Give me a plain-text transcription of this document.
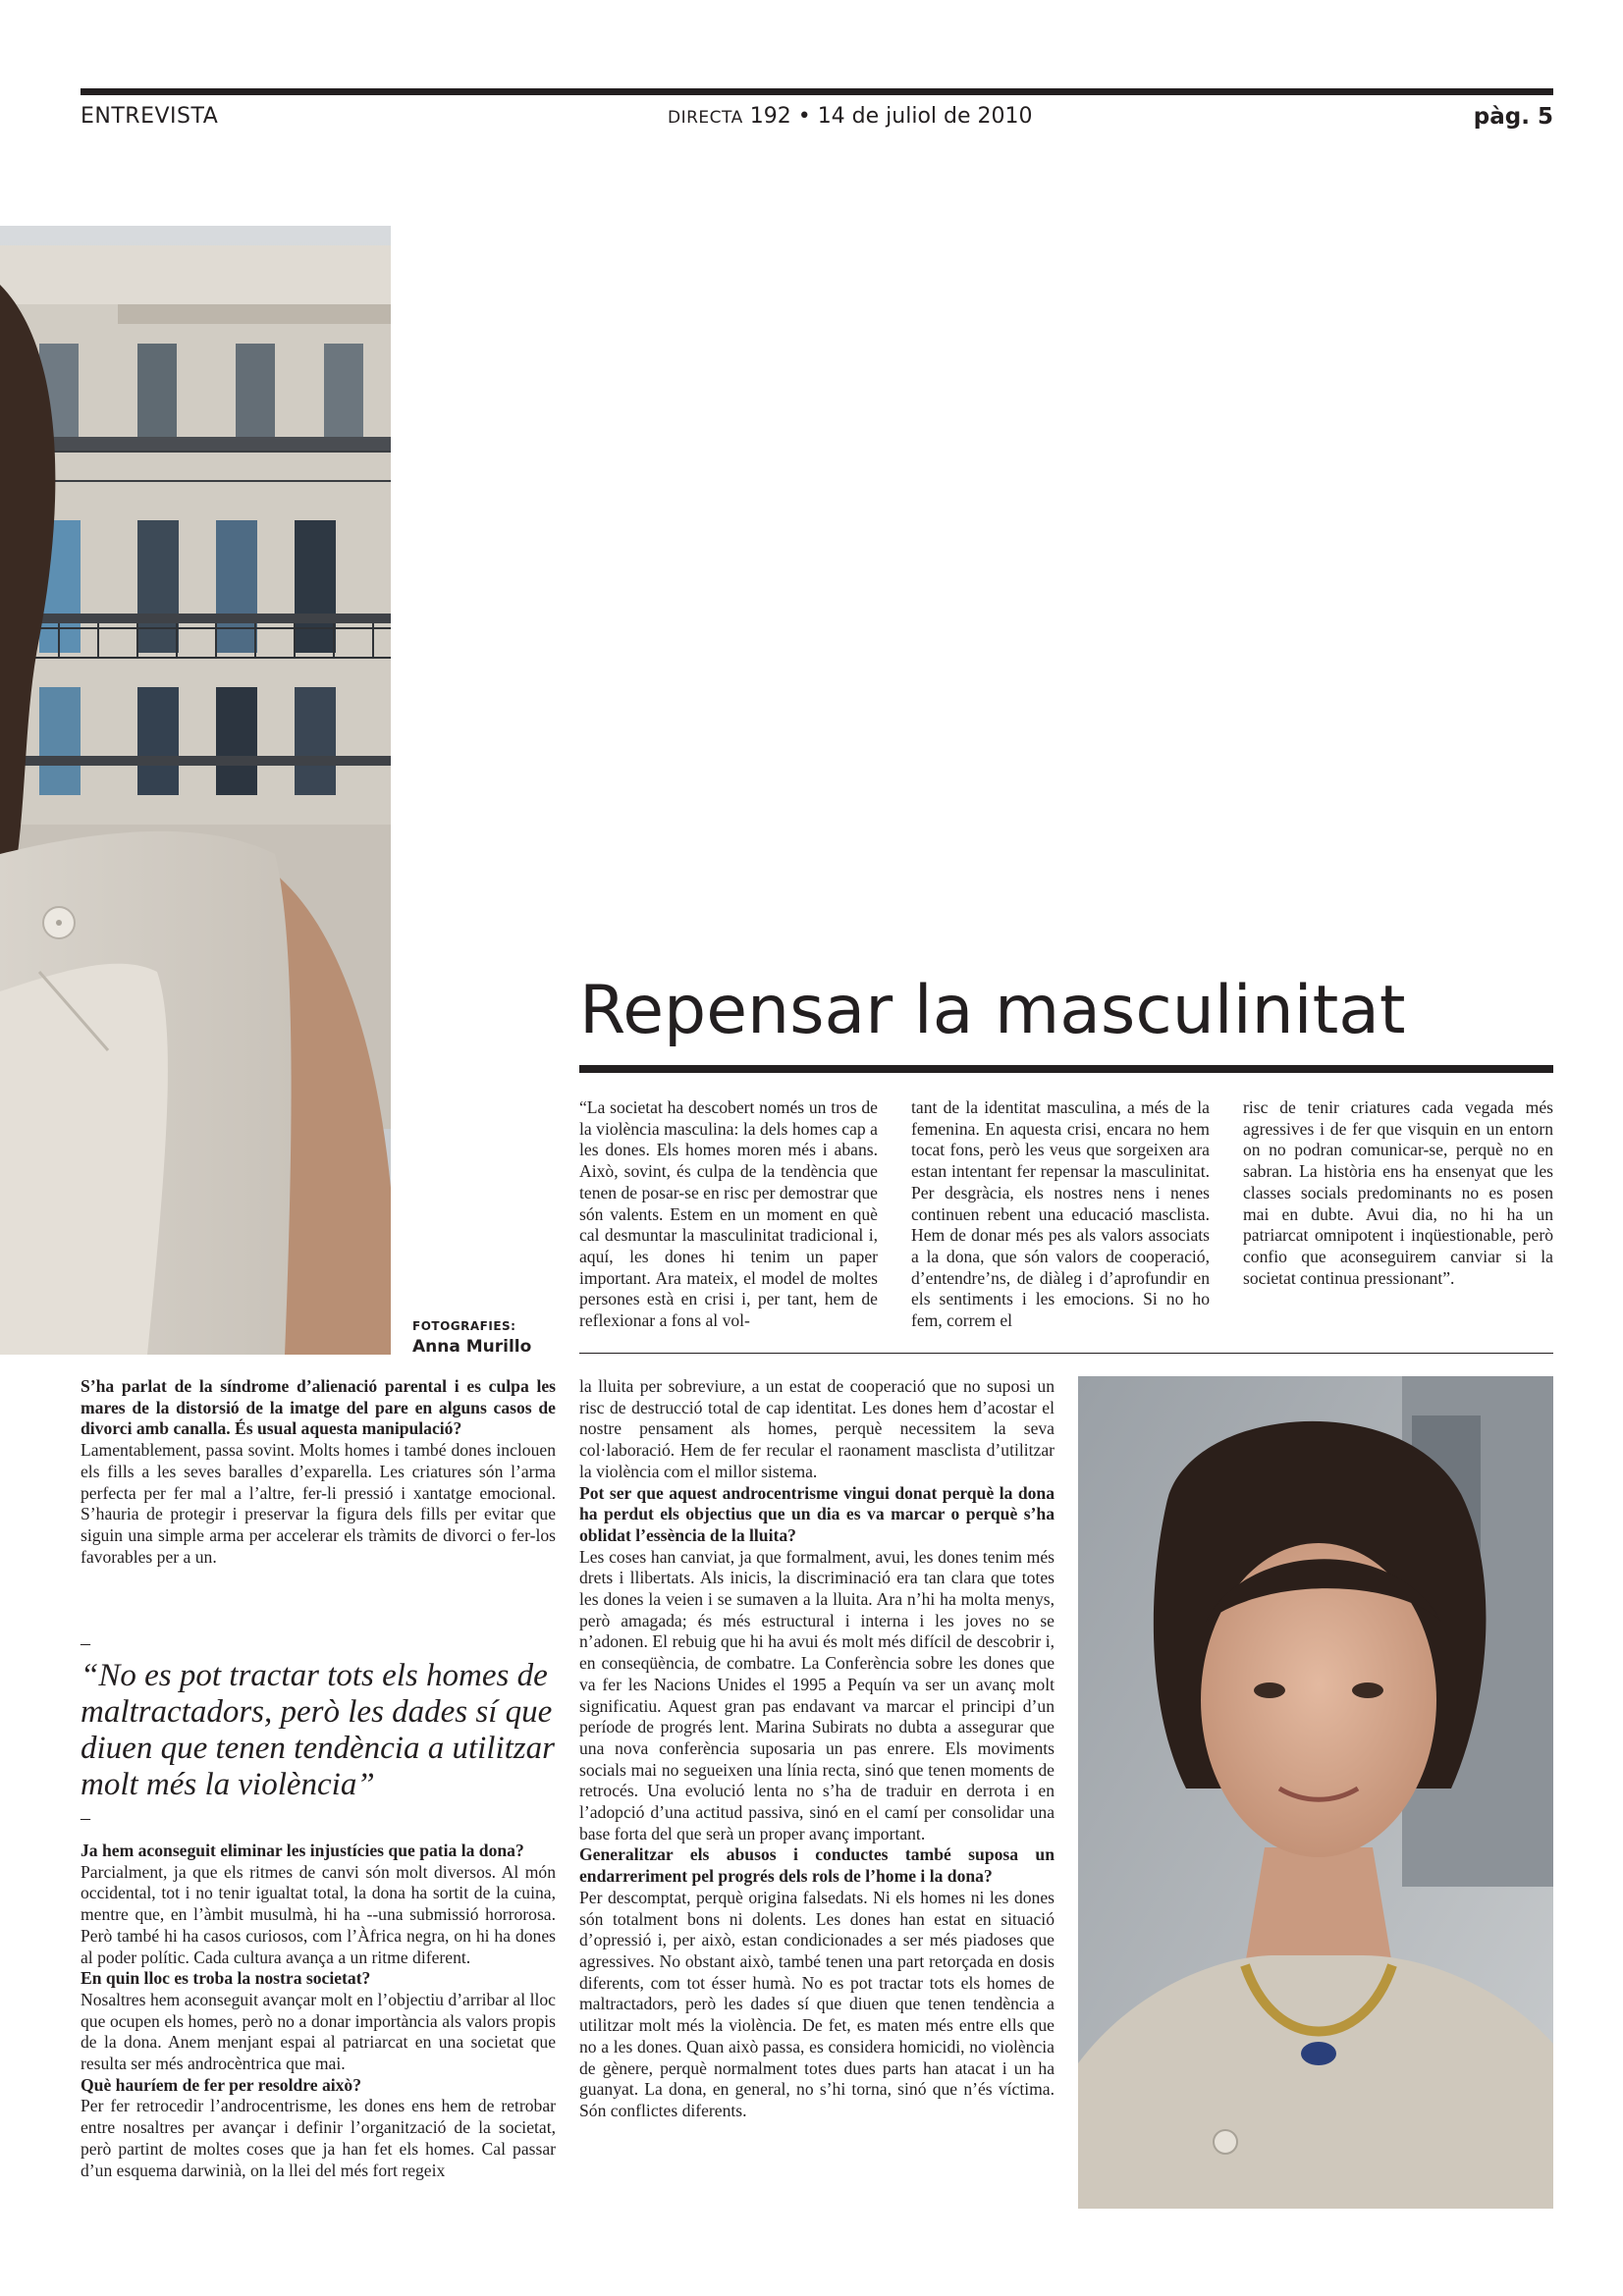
ENTREVISTA	DIRECTA 192 • 14 de juliol de 2010	pàg. 5
FOTOGRAFIES:
Anna Murillo
Repensar la masculinitat

“La societat ha descobert només un tros de la violència masculina: la dels homes cap a les dones. Els homes moren més i abans. Això, sovint, és culpa de la tendència que tenen de posar-se en risc per demostrar que són valents. Estem en un moment en què cal desmuntar la masculinitat tradicional i, aquí, les dones hi tenim un paper important. Ara mateix, el model de moltes persones està en crisi i, per tant, hem de reflexionar a fons al vol-

tant de la identitat masculina, a més de la femenina. En aquesta crisi, encara no hem tocat fons, però les veus que sorgeixen ara estan intentant fer repensar la masculinitat. Per desgràcia, els nostres nens i nenes continuen rebent una educació masclista. Hem de donar més pes als valors associats a la dona, que són valors de cooperació, d’entendre’ns, de diàleg i d’aprofundir en els sentiments i les emocions. Si no ho fem, correm el

risc de tenir criatures cada vegada més agressives i de fer que visquin en un entorn on no podran comunicar-se, perquè no en sabran. La història ens ha ensenyat que les classes socials predominants no es posen mai en dubte. Avui dia, no hi ha un patriarcat omnipotent i inqüestionable, però confio que aconseguirem canviar si la societat continua pressionant”.

S’ha parlat de la síndrome d’alienació parental i es culpa les mares de la distorsió de la imatge del pare en alguns casos de divorci amb canalla. És usual aquesta manipulació?

Lamentablement, passa sovint. Molts homes i també dones inclouen els fills a les seves baralles d’exparella. Les criatures són l’arma perfecta per fer mal a l’altre, fer-li pressió i xantatge emocional. S’hauria de protegir i preservar la figura dels fills per evitar que siguin una simple arma per accelerar els tràmits de divorci o fer-los favorables per a un.

–

“No es pot tractar tots els homes de maltractadors, però les dades sí que diuen que tenen tendència a utilitzar molt més la violència”

–

Ja hem aconseguit eliminar les injustícies que patia la dona?

Parcialment, ja que els ritmes de canvi són molt diversos. Al món occidental, tot i no tenir igualtat total, la dona ha sortit de la cuina, mentre que, en l’àmbit musulmà, hi ha --una submissió horrorosa. Però també hi ha casos curiosos, com l’Àfrica negra, on hi ha dones al poder polític. Cada cultura avança a un ritme diferent.

En quin lloc es troba la nostra societat?

Nosaltres hem aconseguit avançar molt en l’objectiu d’arribar al lloc que ocupen els homes, però no a donar importància als valors propis de la dona. Anem menjant espai al patriarcat en una societat que resulta ser més androcèntrica que mai.

Què hauríem de fer per resoldre això?

Per fer retrocedir l’androcentrisme, les dones ens hem de retrobar entre nosaltres per avançar i definir l’organització de la societat, però partint de moltes coses que ja han fet els homes. Cal passar d’un esquema darwinià, on la llei del més fort regeix

la lluita per sobreviure, a un estat de cooperació que no suposi un risc de destrucció total de cap identitat. Les dones hem d’acostar el nostre pensament als homes, perquè necessitem la seva col·laboració. Hem de fer recular el raonament masclista d’utilitzar la violència com el millor sistema.

Pot ser que aquest androcentrisme vingui donat perquè la dona ha perdut els objectius que un dia es va marcar o perquè s’ha oblidat l’essència de la lluita?

Les coses han canviat, ja que formalment, avui, les dones tenim més drets i llibertats. Als inicis, la discriminació era tan clara que totes les dones la veien i se sumaven a la lluita. Ara n’hi ha molta menys, però amagada; és més estructural i interna i les joves no se n’adonen. El rebuig que hi ha avui és molt més difícil de descobrir i, en conseqüència, de combatre. La Conferència sobre les dones que va fer les Nacions Unides el 1995 a Pequín va ser un avanç molt significatiu. Aquest gran pas endavant va marcar el principi d’un període de progrés lent. Marina Subirats no dubta a assegurar que una nova conferència suposaria un pas enrere. Els moviments socials mai no segueixen una línia recta, sinó que tenen moments de retrocés. Una evolució lenta no s’ha de traduir en derrota i en l’adopció d’una actitud passiva, sinó en el camí per consolidar una base forta del que serà un proper avanç important.

Generalitzar els abusos i conductes també suposa un endarreriment pel progrés dels rols de l’home i la dona?

Per descomptat, perquè origina falsedats. Ni els homes ni les dones són totalment bons ni dolents. Les dones han estat en situació d’opressió i, per això, estan condicionades a ser més piadoses que agressives. No obstant això, també tenen una part retorçada en dosis diferents, com tot ésser humà. No es pot tractar tots els homes de maltractadors, però les dades sí que diuen que tenen tendència a utilitzar molt més la violència. De fet, es maten més entre ells que no a les dones. Quan això passa, es considera homicidi, no violència de gènere, perquè normalment totes dues parts han atacat i un ha guanyat. La dona, en general, no s’hi torna, sinó que n’és víctima. Són conflictes diferents.
